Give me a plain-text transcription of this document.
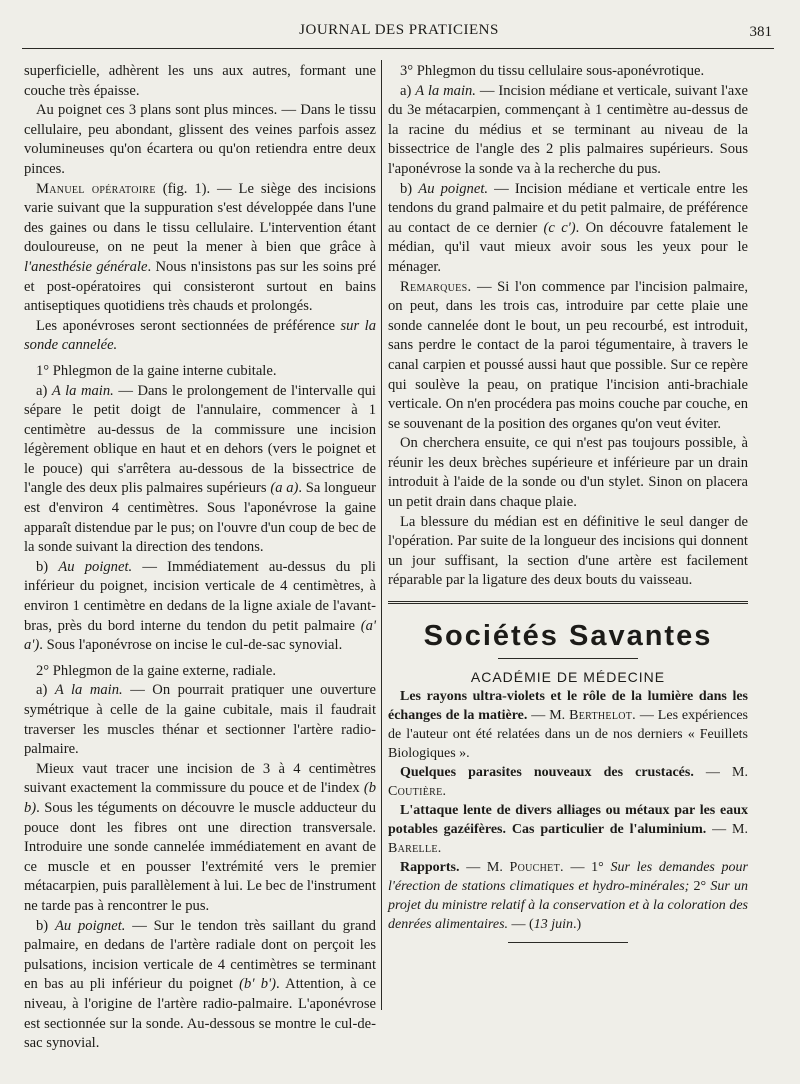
JOURNAL DES PRATICIENS	381

superficielle, adhèrent les uns aux autres, formant une couche très épaisse.

Au poignet ces 3 plans sont plus minces. — Dans le tissu cellulaire, peu abondant, glissent des veines parfois assez volumineuses qu'on écartera ou qu'on retiendra entre deux pinces.

Manuel opératoire (fig. 1). — Le siège des incisions varie suivant que la suppuration s'est développée dans l'une des gaines ou dans le tissu cellulaire. L'intervention étant douloureuse, on ne peut la mener à bien que grâce à l'anesthésie générale. Nous n'insistons pas sur les soins pré et post-opératoires qui consisteront surtout en bains antiseptiques quotidiens très chauds et prolongés.

Les aponévroses seront sectionnées de préférence sur la sonde cannelée.

1° Phlegmon de la gaine interne cubitale.

a) A la main. — Dans le prolongement de l'intervalle qui sépare le petit doigt de l'annulaire, commencer à 1 centimètre au-dessus de la commissure une incision légèrement oblique en haut et en dehors (vers le poignet et le pouce) qui s'arrêtera au-dessous de la bissectrice de l'angle des deux plis palmaires supérieurs (a a). Sa longueur est d'environ 4 centimètres. Sous l'aponévrose la gaine apparaît distendue par le pus; on l'ouvre d'un coup de bec de la sonde suivant la direction des tendons.

b) Au poignet. — Immédiatement au-dessus du pli inférieur du poignet, incision verticale de 4 centimètres, à environ 1 centimètre en dedans de la ligne axiale de l'avant-bras, près du bord interne du tendon du petit palmaire (a' a'). Sous l'aponévrose on incise le cul-de-sac synovial.

2° Phlegmon de la gaine externe, radiale.

a) A la main. — On pourrait pratiquer une ouverture symétrique à celle de la gaine cubitale, mais il faudrait traverser les muscles thénar et sectionner l'artère radio-palmaire.

Mieux vaut tracer une incision de 3 à 4 centimètres suivant exactement la commissure du pouce et de l'index (b b). Sous les téguments on découvre le muscle adducteur du pouce dont les fibres ont une direction transversale. Introduire une sonde cannelée immédiatement en avant de ce muscle et en pousser l'extrémité vers le premier métacarpien, puis parallèlement à lui. Le bec de l'instrument ne tarde pas à rencontrer le pus.

b) Au poignet. — Sur le tendon très saillant du grand palmaire, en dedans de l'artère radiale dont on perçoit les pulsations, incision verticale de 4 centimètres se terminant en bas au pli inférieur du poignet (b' b'). Attention, à ce niveau, à l'origine de l'artère radio-palmaire. L'aponévrose est sectionnée sur la sonde. Au-dessous se montre le cul-de-sac synovial.

3° Phlegmon du tissu cellulaire sous-aponévrotique.

a) A la main. — Incision médiane et verticale, suivant l'axe du 3e métacarpien, commençant à 1 centimètre au-dessus de la racine du médius et se terminant au niveau de la bissectrice de l'angle des 2 plis palmaires supérieurs. Sous l'aponévrose la sonde va à la recherche du pus.

b) Au poignet. — Incision médiane et verticale entre les tendons du grand palmaire et du petit palmaire, de préférence au contact de ce dernier (c c'). On découvre fatalement le médian, qu'il vaut mieux avoir sous les yeux pour le ménager.

Remarques. — Si l'on commence par l'incision palmaire, on peut, dans les trois cas, introduire par cette plaie une sonde cannelée dont le bout, un peu recourbé, est introduit, sans perdre le contact de la paroi tégumentaire, à travers le canal carpien et poussé aussi haut que possible. Sur ce repère qui soulève la peau, on pratique l'incision anti-brachiale verticale. On n'en procédera pas moins couche par couche, en se souvenant de la position des organes qu'on veut éviter.

On cherchera ensuite, ce qui n'est pas toujours possible, à réunir les deux brèches supérieure et inférieure par un drain introduit à l'aide de la sonde ou d'un stylet. Sinon on placera un petit drain dans chaque plaie.

La blessure du médian est en définitive le seul danger de l'opération. Par suite de la longueur des incisions qui donnent un jour suffisant, la section d'une artère est facilement réparable par la ligature des deux bouts du vaisseau.

Sociétés Savantes
ACADÉMIE DE MÉDECINE

Les rayons ultra-violets et le rôle de la lumière dans les échanges de la matière. — M. Berthelot. — Les expériences de l'auteur ont été relatées dans un de nos derniers « Feuillets Biologiques ».

Quelques parasites nouveaux des crustacés. — M. Coutière.

L'attaque lente de divers alliages ou métaux par les eaux potables gazéifères. Cas particulier de l'aluminium. — M. Barelle.

Rapports. — M. Pouchet. — 1° Sur les demandes pour l'érection de stations climatiques et hydro-minérales; 2° Sur un projet du ministre relatif à la conservation et à la coloration des denrées alimentaires. — (13 juin.)
